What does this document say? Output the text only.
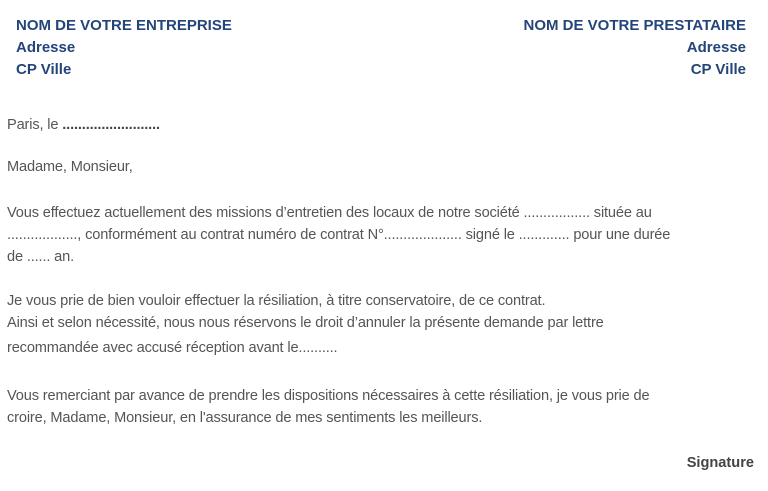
NOM DE VOTRE ENTREPRISE
Adresse
CP Ville
NOM DE VOTRE PRESTATAIRE
Adresse
CP Ville
Paris, le .........................
Madame, Monsieur,
Vous effectuez actuellement des missions d’entretien des locaux de notre société ................. située au
.................., conformément au contrat numéro de contrat N°.................... signé le ............. pour une durée
de ...... an.
Je vous prie de bien vouloir effectuer la résiliation, à titre conservatoire, de ce contrat.
Ainsi et selon nécessité, nous nous réservons le droit d’annuler la présente demande par lettre
recommandée avec accusé réception avant le..........
Vous remerciant par avance de prendre les dispositions nécessaires à cette résiliation, je vous prie de
croire, Madame, Monsieur, en l'assurance de mes sentiments les meilleurs.
Signature
